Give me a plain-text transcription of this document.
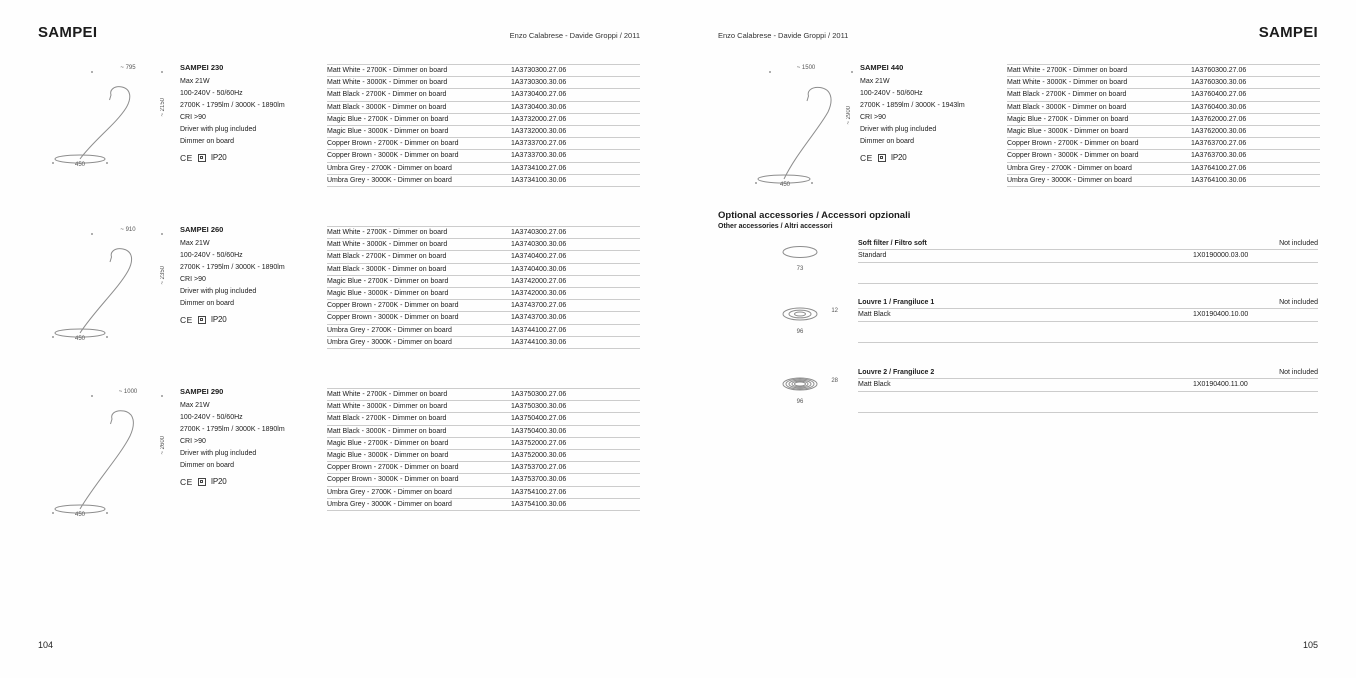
SAMPEI	Enzo Calabrese - Davide Groppi / 2011	Enzo Calabrese - Davide Groppi / 2011	SAMPEI
~ 795
~ 2150
450
SAMPEI 230
Max 21W
100-240V - 50/60Hz
2700K - 1795lm / 3000K - 1890lm
CRI >90
Driver with plug included
Dimmer on board
CE IP20
Matt White - 2700K - Dimmer on board	1A3730300.27.06
Matt White - 3000K - Dimmer on board	1A3730300.30.06
Matt Black - 2700K - Dimmer on board	1A3730400.27.06
Matt Black - 3000K - Dimmer on board	1A3730400.30.06
Magic Blue - 2700K - Dimmer on board	1A3732000.27.06
Magic Blue - 3000K - Dimmer on board	1A3732000.30.06
Copper Brown - 2700K - Dimmer on board	1A3733700.27.06
Copper Brown - 3000K - Dimmer on board	1A3733700.30.06
Umbra Grey - 2700K - Dimmer on board	1A3734100.27.06
Umbra Grey - 3000K - Dimmer on board	1A3734100.30.06
~ 910
~ 2350
450
SAMPEI 260
Max 21W
100-240V - 50/60Hz
2700K - 1795lm / 3000K - 1890lm
CRI >90
Driver with plug included
Dimmer on board
CE IP20
Matt White - 2700K - Dimmer on board	1A3740300.27.06
Matt White - 3000K - Dimmer on board	1A3740300.30.06
Matt Black - 2700K - Dimmer on board	1A3740400.27.06
Matt Black - 3000K - Dimmer on board	1A3740400.30.06
Magic Blue - 2700K - Dimmer on board	1A3742000.27.06
Magic Blue - 3000K - Dimmer on board	1A3742000.30.06
Copper Brown - 2700K - Dimmer on board	1A3743700.27.06
Copper Brown - 3000K - Dimmer on board	1A3743700.30.06
Umbra Grey - 2700K - Dimmer on board	1A3744100.27.06
Umbra Grey - 3000K - Dimmer on board	1A3744100.30.06
~ 1000
~ 2600
450
SAMPEI 290
Max 21W
100-240V - 50/60Hz
2700K - 1795lm / 3000K - 1890lm
CRI >90
Driver with plug included
Dimmer on board
CE IP20
Matt White - 2700K - Dimmer on board	1A3750300.27.06
Matt White - 3000K - Dimmer on board	1A3750300.30.06
Matt Black - 2700K - Dimmer on board	1A3750400.27.06
Matt Black - 3000K - Dimmer on board	1A3750400.30.06
Magic Blue - 2700K - Dimmer on board	1A3752000.27.06
Magic Blue - 3000K - Dimmer on board	1A3752000.30.06
Copper Brown - 2700K - Dimmer on board	1A3753700.27.06
Copper Brown - 3000K - Dimmer on board	1A3753700.30.06
Umbra Grey - 2700K - Dimmer on board	1A3754100.27.06
Umbra Grey - 3000K - Dimmer on board	1A3754100.30.06
~ 1500
~ 2900
450
SAMPEI 440
Max 21W
100-240V - 50/60Hz
2700K - 1859lm / 3000K - 1943lm
CRI >90
Driver with plug included
Dimmer on board
CE IP20
Matt White - 2700K - Dimmer on board	1A3760300.27.06
Matt White - 3000K - Dimmer on board	1A3760300.30.06
Matt Black - 2700K - Dimmer on board	1A3760400.27.06
Matt Black - 3000K - Dimmer on board	1A3760400.30.06
Magic Blue - 2700K - Dimmer on board	1A3762000.27.06
Magic Blue - 3000K - Dimmer on board	1A3762000.30.06
Copper Brown - 2700K - Dimmer on board	1A3763700.27.06
Copper Brown - 3000K - Dimmer on board	1A3763700.30.06
Umbra Grey - 2700K - Dimmer on board	1A3764100.27.06
Umbra Grey - 3000K - Dimmer on board	1A3764100.30.06
Optional accessories / Accessori opzionali
Other accessories / Altri accessori
73
Soft filter / Filtro soft	Not included
Standard	1X0190000.03.00
12
96
Louvre 1 / Frangiluce 1	Not included
Matt Black	1X0190400.10.00
28
96
Louvre 2 / Frangiluce 2	Not included
Matt Black	1X0190400.11.00
104	105
